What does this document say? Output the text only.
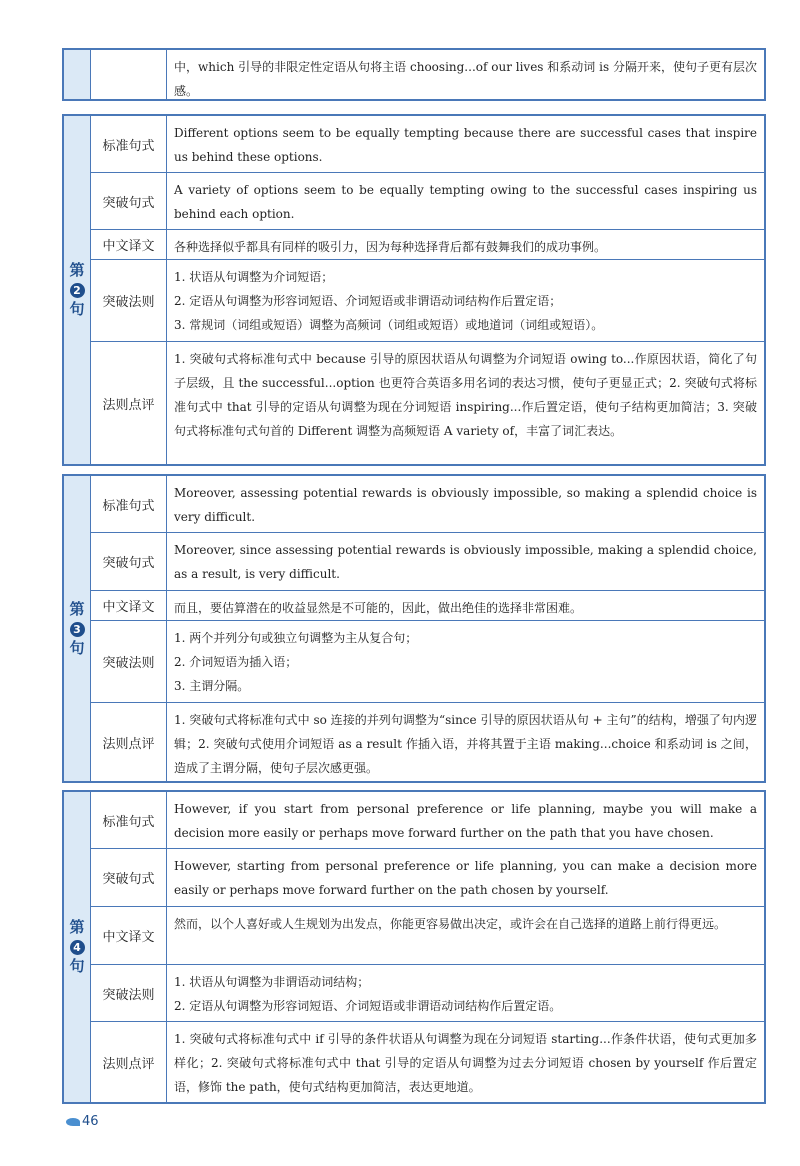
中，which 引导的非限定性定语从句将主语 choosing...of our lives 和系动词 is 分隔开来，使句子更有层次感。
第
2
句
标准句式
Different options seem to be equally tempting because there are successful cases that inspire us behind these options.
突破句式
A variety of options seem to be equally tempting owing to the successful cases inspiring us behind each option.
中文译文	各种选择似乎都具有同样的吸引力，因为每种选择背后都有鼓舞我们的成功事例。
突破法则
1. 状语从句调整为介词短语；
2. 定语从句调整为形容词短语、介词短语或非谓语动词结构作后置定语；
3. 常规词（词组或短语）调整为高频词（词组或短语）或地道词（词组或短语）。
法则点评
1. 突破句式将标准句式中 because 引导的原因状语从句调整为介词短语 owing to...作原因状语，简化了句子层级，且 the successful...option 也更符合英语多用名词的表达习惯，使句子更显正式；2. 突破句式将标准句式中 that 引导的定语从句调整为现在分词短语 inspiring...作后置定语，使句子结构更加简洁；3. 突破句式将标准句式句首的 Different 调整为高频短语 A variety of，丰富了词汇表达。
第
3
句
标准句式
Moreover, assessing potential rewards is obviously impossible, so making a splendid choice is very difficult.
突破句式
Moreover, since assessing potential rewards is obviously impossible, making a splendid choice, as a result, is very difficult.
中文译文	而且，要估算潜在的收益显然是不可能的，因此，做出绝佳的选择非常困难。
突破法则
1. 两个并列分句或独立句调整为主从复合句；
2. 介词短语为插入语；
3. 主谓分隔。
法则点评
1. 突破句式将标准句式中 so 连接的并列句调整为“since 引导的原因状语从句 + 主句”的结构，增强了句内逻辑；2. 突破句式使用介词短语 as a result 作插入语，并将其置于主语 making...choice 和系动词 is 之间，造成了主谓分隔，使句子层次感更强。
第
4
句
标准句式
However, if you start from personal preference or life planning, maybe you will make a decision more easily or perhaps move forward further on the path that you have chosen.
突破句式
However, starting from personal preference or life planning, you can make a decision more easily or perhaps move forward further on the path chosen by yourself.
中文译文
然而，以个人喜好或人生规划为出发点，你能更容易做出决定，或许会在自己选择的道路上前行得更远。
突破法则
1. 状语从句调整为非谓语动词结构；
2. 定语从句调整为形容词短语、介词短语或非谓语动词结构作后置定语。
法则点评
1. 突破句式将标准句式中 if 引导的条件状语从句调整为现在分词短语 starting...作条件状语，使句式更加多样化；2. 突破句式将标准句式中 that 引导的定语从句调整为过去分词短语 chosen by yourself 作后置定语，修饰 the path，使句式结构更加简洁，表达更地道。
46
